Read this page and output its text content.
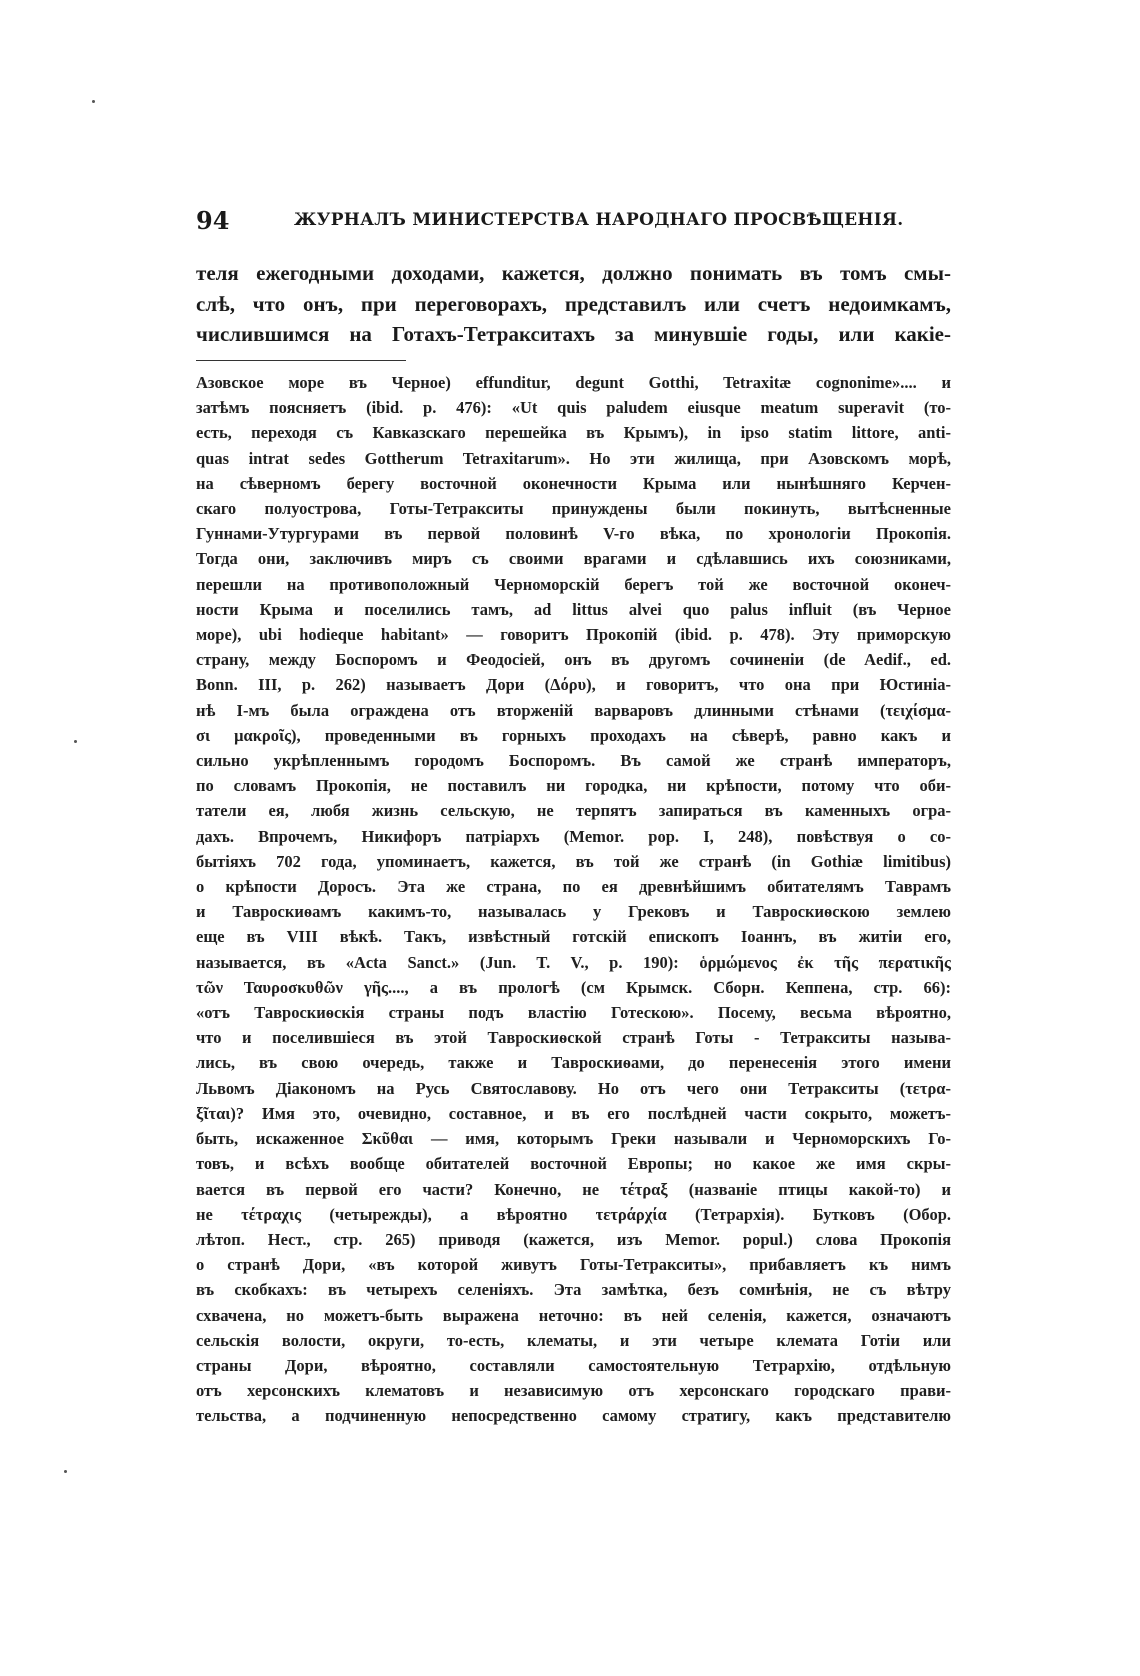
94	ЖУРНАЛЪ МИНИСТЕРСТВА НАРОДНАГО ПРОСВѢЩЕНІЯ.
теля ежегодными доходами, кажется, должно понимать въ томъ смы-
слѣ, что онъ, при переговорахъ, представилъ или счетъ недоимкамъ,
числившимся на Готахъ-Тетракситахъ за минувшіе годы, или какіе-
Азовское море въ Черное) effunditur, degunt Gotthi, Tetraxitæ cognonime».... и
затѣмъ поясняетъ (ibid. p. 476): «Ut quis paludem eiusque meatum superavit (то-
есть, переходя съ Кавказскаго перешейка въ Крымъ), in ipso statim littore, anti-
quas intrat sedes Gottherum Tetraxitarum». Но эти жилища, при Азовскомъ морѣ,
на сѣверномъ берегу восточной оконечности Крыма или нынѣшняго Керчен-
скаго полуострова, Готы-Тетракситы принуждены были покинуть, вытѣсненные
Гуннами-Утургурами въ первой половинѣ V-го вѣка, по хронологіи Прокопія.
Тогда они, заключивъ миръ съ своими врагами и сдѣлавшись ихъ союзниками,
перешли на противоположный Черноморскій берегъ той же восточной оконеч-
ности Крыма и поселились тамъ, ad littus alvei quo palus influit (въ Черное
море), ubi hodieque habitant» — говоритъ Прокопій (ibid. p. 478). Эту приморскую
страну, между Боспоромъ и Феодосіей, онъ въ другомъ сочиненіи (de Aedif., ed.
Bonn. III, p. 262) называетъ Дори (Δόρυ), и говоритъ, что она при Юстиніа-
нѣ І-мъ была ограждена отъ вторженій варваровъ длинными стѣнами (τειχίσμα-
σι μακροῖς), проведенными въ горныхъ проходахъ на сѣверѣ, равно какъ и
сильно укрѣпленнымъ городомъ Боспоромъ. Въ самой же странѣ императоръ,
по словамъ Прокопія, не поставилъ ни городка, ни крѣпости, потому что оби-
татели ея, любя жизнь сельскую, не терпятъ запираться въ каменныхъ огра-
дахъ. Впрочемъ, Никифоръ патріархъ (Memor. pop. I, 248), повѣствуя о со-
бытіяхъ 702 года, упоминаетъ, кажется, въ той же странѣ (in Gothiæ limitibus)
о крѣпости Доросъ. Эта же страна, по ея древнѣйшимъ обитателямъ Таврамъ
и Тавроскиѳамъ какимъ-то, называлась у Грековъ и Тавроскиѳскою землею
еще въ VIII вѣкѣ. Такъ, извѣстный готскій епископъ Іоаннъ, въ житіи его,
называется, въ «Acta Sanct.» (Jun. T. V., p. 190): ὁρμώμενος ἐκ τῆς περατικῆς
τῶν Ταυροσκυθῶν γῆς...., а въ прологѣ (см Крымск. Сборн. Кеппена, стр. 66):
«отъ Тавроскиѳскія страны подъ властію Готескою». Посему, весьма вѣроятно,
что и поселившіеся въ этой Тавроскиѳской странѣ Готы - Тетракситы называ-
лись, въ свою очередь, также и Тавроскиѳами, до перенесенія этого имени
Львомъ Діакономъ на Русь Святославову. Но отъ чего они Тетракситы (τετρα-
ξῖται)? Имя это, очевидно, составное, и въ его послѣдней части сокрыто, можетъ-
быть, искаженное Σκῦθαι — имя, которымъ Греки называли и Черноморскихъ Го-
товъ, и всѣхъ вообще обитателей восточной Европы; но какое же имя скры-
вается въ первой его части? Конечно, не τέτραξ (названіе птицы какой-то) и
не τέτραχις (четырежды), а вѣроятно τετράρχία (Тетрархія). Бутковъ (Обор.
лѣтоп. Нест., стр. 265) приводя (кажется, изъ Memor. popul.) слова Прокопія
о странѣ Дори, «въ которой живутъ Готы-Тетракситы», прибавляетъ къ нимъ
въ скобкахъ: въ четырехъ селеніяхъ. Эта замѣтка, безъ сомнѣнія, не съ вѣтру
схвачена, но можетъ-быть выражена неточно: въ ней селенія, кажется, означаютъ
сельскія волости, округи, то-есть, клематы, и эти четыре клемата Готіи или
страны Дори, вѣроятно, составляли самостоятельную Тетрархію, отдѣльную
отъ херсонскихъ клематовъ и независимую отъ херсонскаго городскаго прави-
тельства, а подчиненную непосредственно самому стратигу, какъ представителю
